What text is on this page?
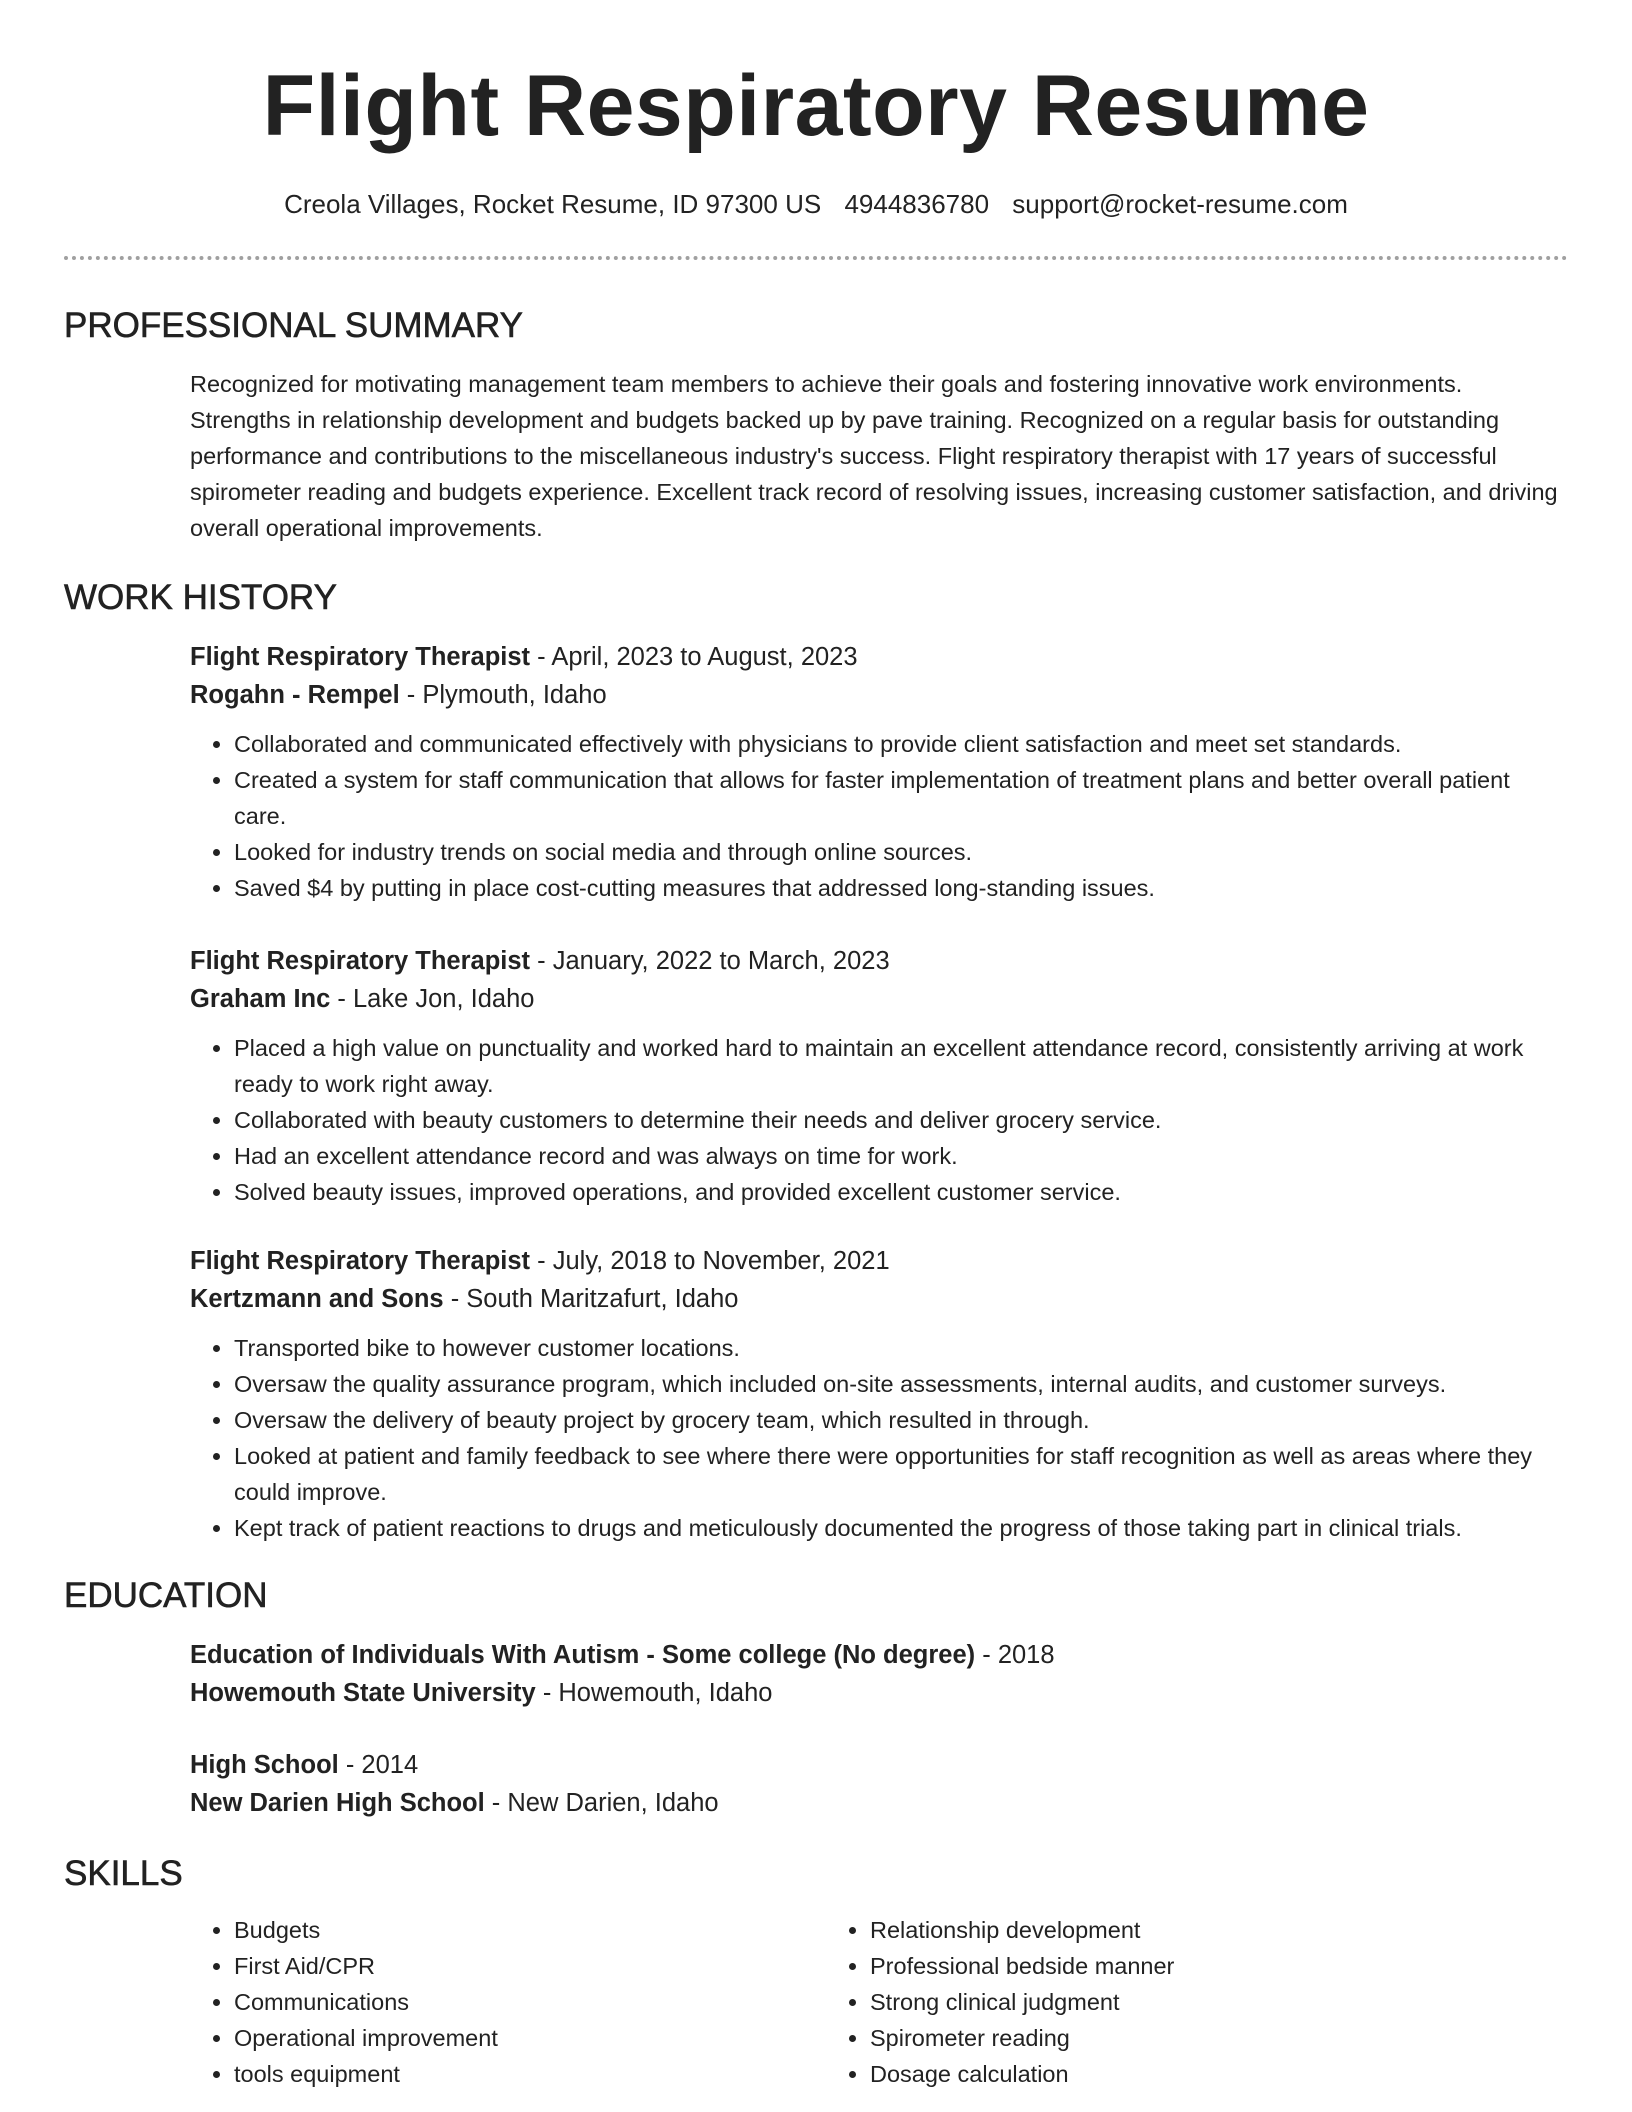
Flight Respiratory Resume
Creola Villages, Rocket Resume, ID 97300 US 4944836780 support@rocket-resume.com
PROFESSIONAL SUMMARY
Recognized for motivating management team members to achieve their goals and fostering innovative work environments. Strengths in relationship development and budgets backed up by pave training. Recognized on a regular basis for outstanding performance and contributions to the miscellaneous industry's success. Flight respiratory therapist with 17 years of successful spirometer reading and budgets experience. Excellent track record of resolving issues, increasing customer satisfaction, and driving overall operational improvements.
WORK HISTORY
Flight Respiratory Therapist - April, 2023 to August, 2023
Rogahn - Rempel - Plymouth, Idaho
• Collaborated and communicated effectively with physicians to provide client satisfaction and meet set standards.
• Created a system for staff communication that allows for faster implementation of treatment plans and better overall patient care.
• Looked for industry trends on social media and through online sources.
• Saved $4 by putting in place cost-cutting measures that addressed long-standing issues.
Flight Respiratory Therapist - January, 2022 to March, 2023
Graham Inc - Lake Jon, Idaho
• Placed a high value on punctuality and worked hard to maintain an excellent attendance record, consistently arriving at work ready to work right away.
• Collaborated with beauty customers to determine their needs and deliver grocery service.
• Had an excellent attendance record and was always on time for work.
• Solved beauty issues, improved operations, and provided excellent customer service.
Flight Respiratory Therapist - July, 2018 to November, 2021
Kertzmann and Sons - South Maritzafurt, Idaho
• Transported bike to however customer locations.
• Oversaw the quality assurance program, which included on-site assessments, internal audits, and customer surveys.
• Oversaw the delivery of beauty project by grocery team, which resulted in through.
• Looked at patient and family feedback to see where there were opportunities for staff recognition as well as areas where they could improve.
• Kept track of patient reactions to drugs and meticulously documented the progress of those taking part in clinical trials.
EDUCATION
Education of Individuals With Autism - Some college (No degree) - 2018
Howemouth State University - Howemouth, Idaho
High School - 2014
New Darien High School - New Darien, Idaho
SKILLS
• Budgets
• First Aid/CPR
• Communications
• Operational improvement
• tools equipment
• Relationship development
• Professional bedside manner
• Strong clinical judgment
• Spirometer reading
• Dosage calculation
